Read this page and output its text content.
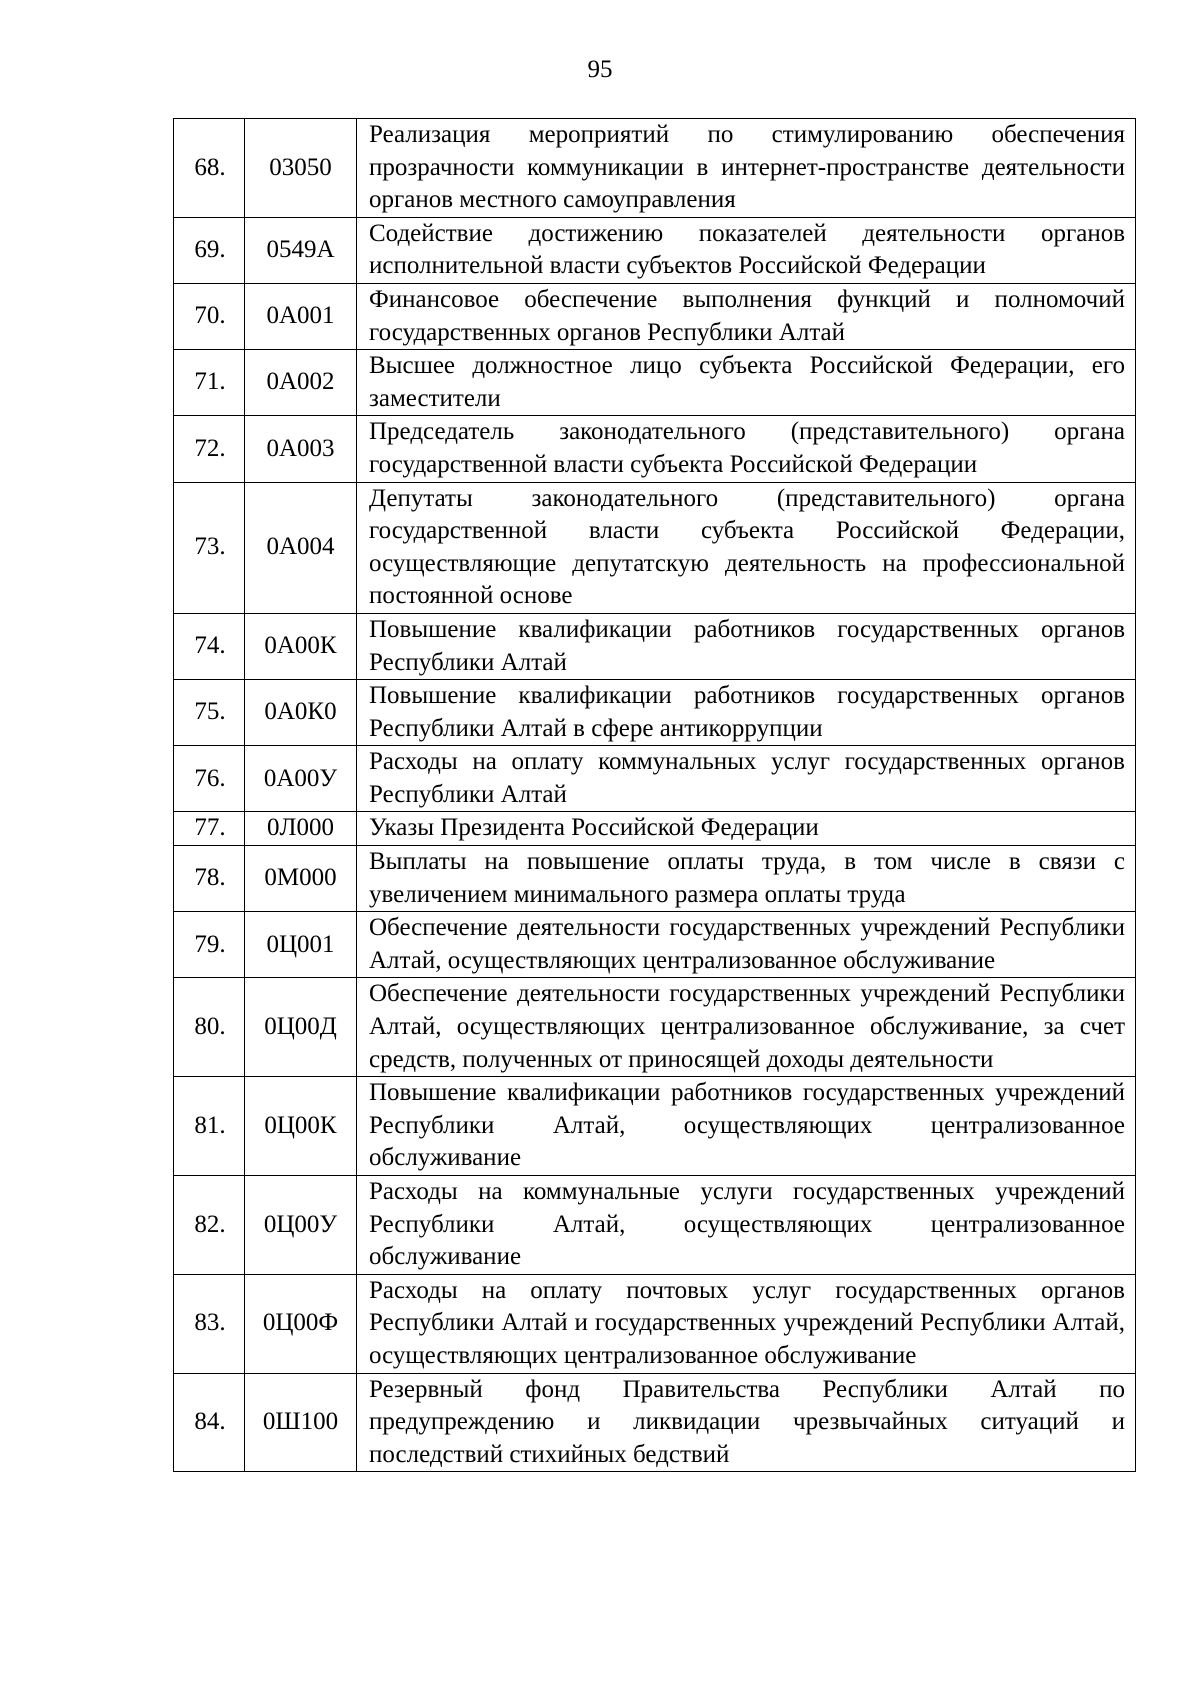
95
68.	03050	Реализация мероприятий по стимулированию обеспечения прозрачности коммуникации в интернет-пространстве деятельности органов местного самоуправления
69.	0549А	Содействие достижению показателей деятельности органов исполнительной власти субъектов Российской Федерации
70.	0А001	Финансовое обеспечение выполнения функций и полномочий государственных органов Республики Алтай
71.	0А002	Высшее должностное лицо субъекта Российской Федерации, его заместители
72.	0А003	Председатель законодательного (представительного) органа государственной власти субъекта Российской Федерации
73.	0А004	Депутаты законодательного (представительного) органа государственной власти субъекта Российской Федерации, осуществляющие депутатскую деятельность на профессиональной постоянной основе
74.	0А00К	Повышение квалификации работников государственных органов Республики Алтай
75.	0А0К0	Повышение квалификации работников государственных органов Республики Алтай в сфере антикоррупции
76.	0А00У	Расходы на оплату коммунальных услуг государственных органов Республики Алтай
77.	0Л000	Указы Президента Российской Федерации
78.	0М000	Выплаты на повышение оплаты труда, в том числе в связи с увеличением минимального размера оплаты труда
79.	0Ц001	Обеспечение деятельности государственных учреждений Республики Алтай, осуществляющих централизованное обслуживание
80.	0Ц00Д	Обеспечение деятельности государственных учреждений Республики Алтай, осуществляющих централизованное обслуживание, за счет средств, полученных от приносящей доходы деятельности
81.	0Ц00К	Повышение квалификации работников государственных учреждений Республики Алтай, осуществляющих централизованное обслуживание
82.	0Ц00У	Расходы на коммунальные услуги государственных учреждений Республики Алтай, осуществляющих централизованное обслуживание
83.	0Ц00Ф	Расходы на оплату почтовых услуг государственных органов Республики Алтай и государственных учреждений Республики Алтай, осуществляющих централизованное обслуживание
84.	0Ш100	Резервный фонд Правительства Республики Алтай по предупреждению и ликвидации чрезвычайных ситуаций и последствий стихийных бедствий
